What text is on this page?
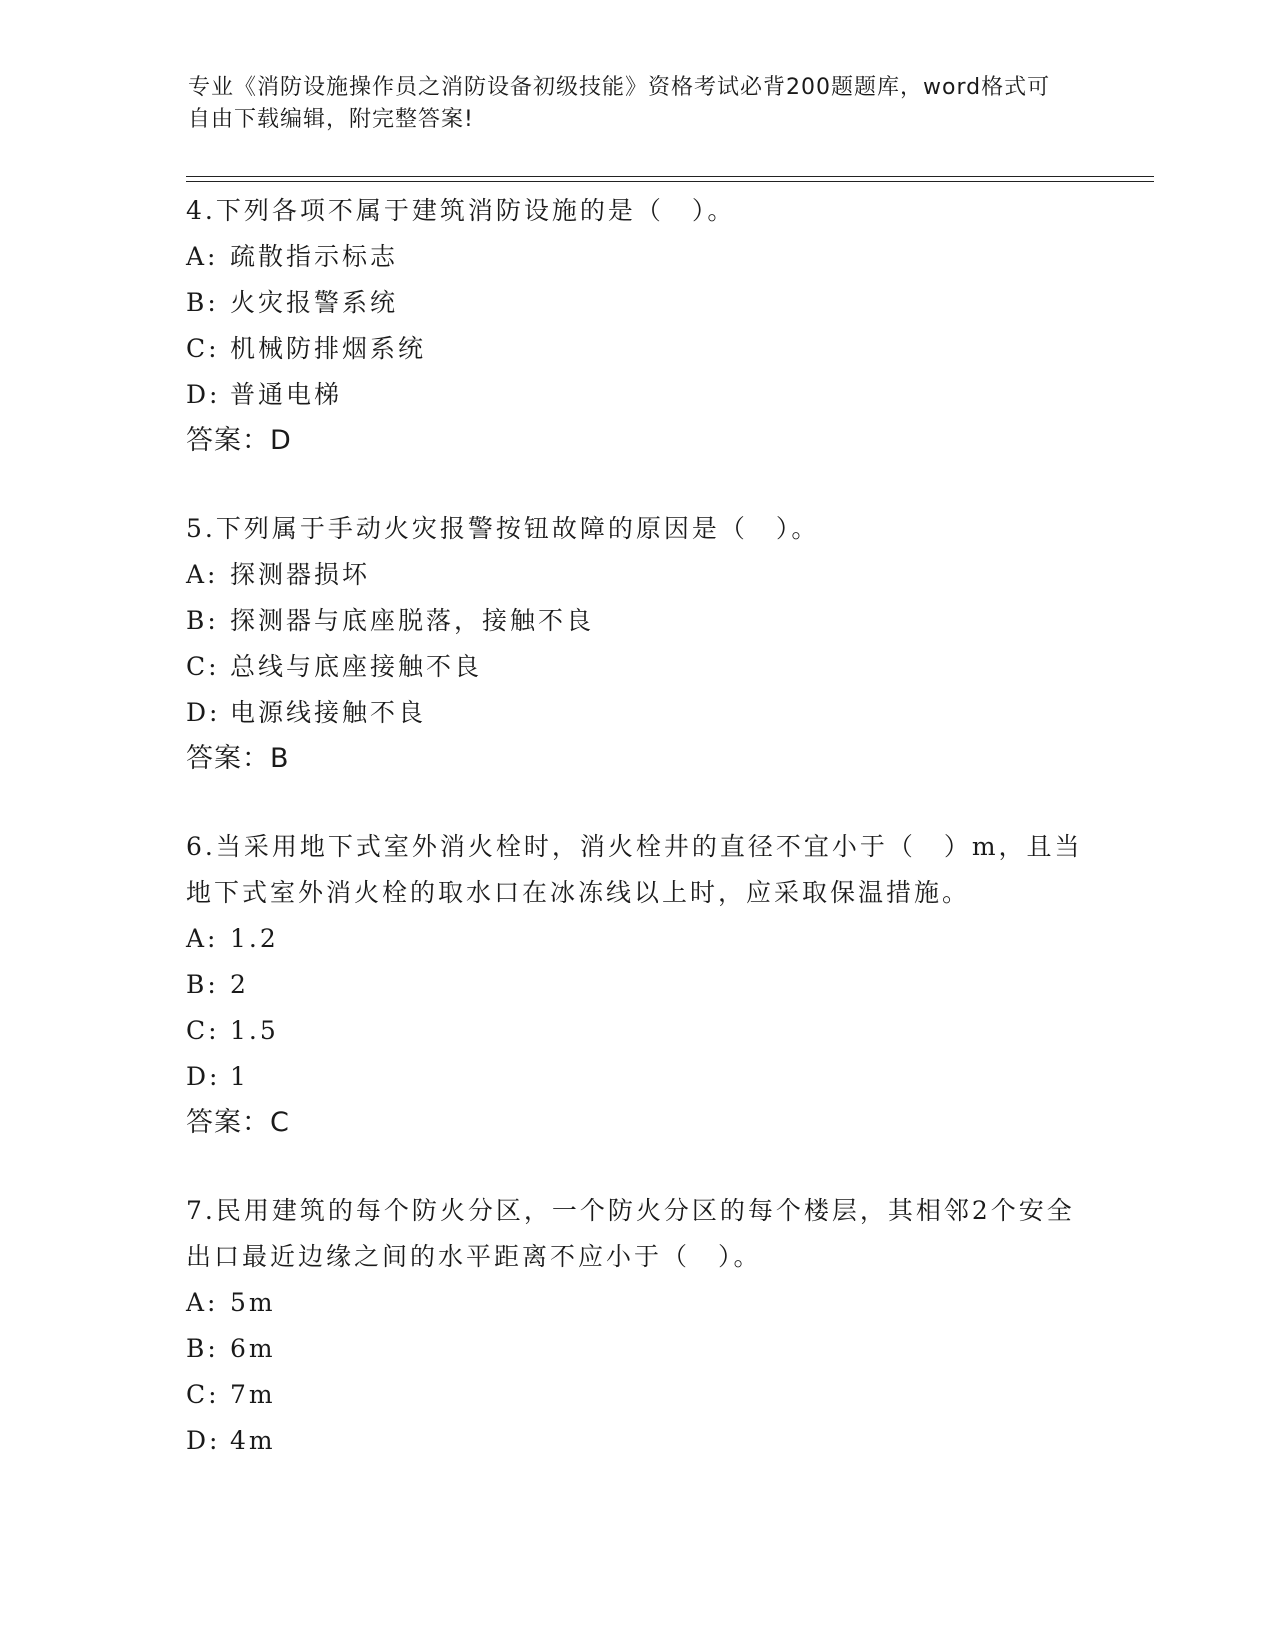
专业《消防设施操作员之消防设备初级技能》资格考试必背200题题库，word格式可自由下载编辑，附完整答案!

4.下列各项不属于建筑消防设施的是（　）。

A: 疏散指示标志

B: 火灾报警系统

C: 机械防排烟系统

D: 普通电梯

答案：D

5.下列属于手动火灾报警按钮故障的原因是（　）。

A: 探测器损坏

B: 探测器与底座脱落，接触不良

C: 总线与底座接触不良

D: 电源线接触不良

答案：B

6.当采用地下式室外消火栓时，消火栓井的直径不宜小于（　）m，且当地下式室外消火栓的取水口在冰冻线以上时，应采取保温措施。

A: 1.2

B: 2

C: 1.5

D: 1

答案：C

7.民用建筑的每个防火分区，一个防火分区的每个楼层，其相邻2个安全出口最近边缘之间的水平距离不应小于（　）。

A: 5m

B: 6m

C: 7m

D: 4m
